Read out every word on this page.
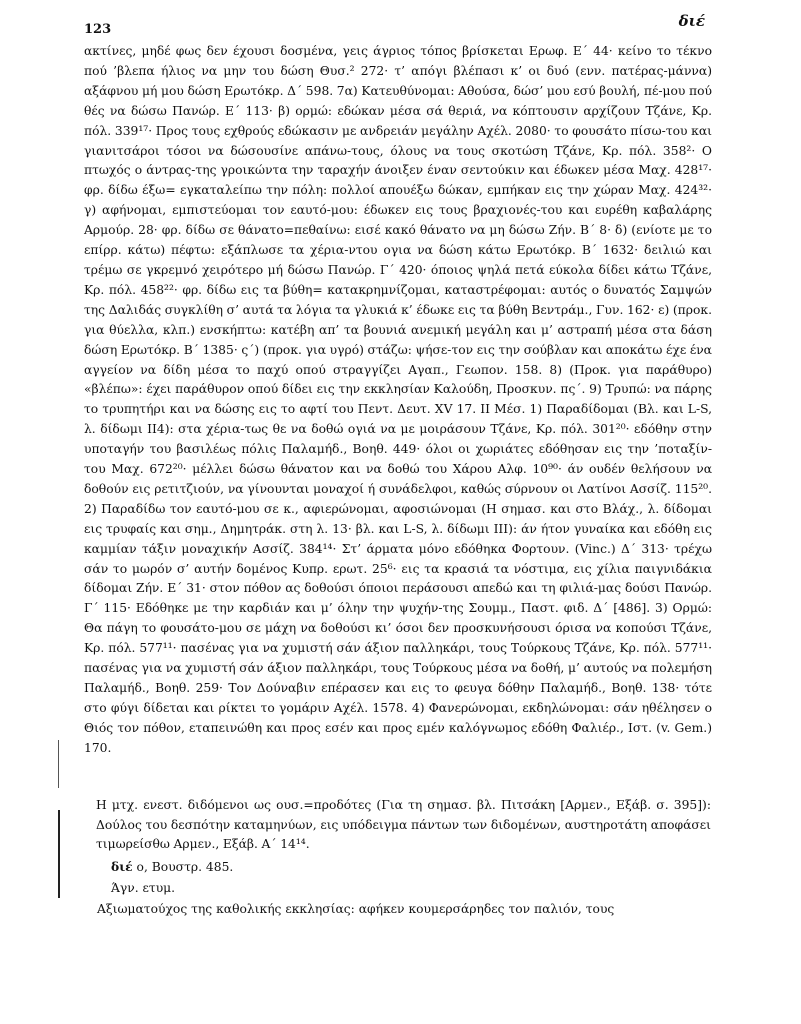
123	διέ

ακτίνες, μηδέ φως δεν έχουσι δοσμένα, γεις άγριος τόπος βρίσκεται Ερωφ. Ε΄ 44· κείνο το τέκνο πού ’βλεπα ήλιος να μην του δώση Θυσ.² 272· τ’ απόγι βλέπασι κ’ οι δυό (ενν. πατέρας-μάννα) αξάφνου μή μου δώση Ερωτόκρ. Δ΄ 598. 7α) Κατευθύνομαι: Αθούσα, δώσ’ μου εσύ βουλή, πέ-μου πού θές να δώσω Πανώρ. Ε΄ 113· β) ορμώ: εδώκαν μέσα σά θεριά, να κόπτουσιν αρχίζουν Τζάνε, Κρ. πόλ. 339¹⁷· Προς τους εχθρούς εδώκασιν με ανδρειάν μεγάλην Αχέλ. 2080· το φουσάτο πίσω-του και γιανιτσάροι τόσοι να δώσουσίνε απάνω-τους, όλους να τους σκοτώση Τζάνε, Κρ. πόλ. 358²· Ο πτωχός ο άντρας-της γροικώντα την ταραχήν άνοιξεν έναν σεντούκιν και έδωκεν μέσα Μαχ. 428¹⁷· φρ. δίδω έξω= εγκαταλείπω την πόλη: πολλοί απουέξω δώκαν, εμπήκαν εις την χώραν Μαχ. 424³²· γ) αφήνομαι, εμπιστεύομαι τον εαυτό-μου: έδωκεν εις τους βραχιονές-του και ευρέθη καβαλάρης Αρμούρ. 28· φρ. δίδω σε θάνατο=πεθαίνω: εισέ κακό θάνατο να μη δώσω Ζήν. Β΄ 8· δ) (ενίοτε με το επίρρ. κάτω) πέφτω: εξάπλωσε τα χέρια-ντου ογια να δώση κάτω Ερωτόκρ. Β΄ 1632· δειλιώ και τρέμω σε γκρεμνό χειρότερο μή δώσω Πανώρ. Γ΄ 420· όποιος ψηλά πετά εύκολα δίδει κάτω Τζάνε, Κρ. πόλ. 458²²· φρ. δίδω εις τα βύθη= κατακρημνίζομαι, καταστρέφομαι: αυτός ο δυνατός Σαμψών της Δαλιδάς συγκλίθη σ’ αυτά τα λόγια τα γλυκιά κ’ έδωκε εις τα βύθη Βεντράμ., Γυν. 162· ε) (προκ. για θύελλα, κλπ.) ενσκήπτω: κατέβη απ’ τα βουνιά ανεμική μεγάλη και μ’ αστραπή μέσα στα δάση δώση Ερωτόκρ. Β΄ 1385· ς΄) (προκ. για υγρό) στάζω: ψήσε-τον εις την σούβλαν και αποκάτω έχε ένα αγγείον να δίδη μέσα το παχύ οπού στραγγίζει Αγαπ., Γεωπον. 158. 8) (Προκ. για παράθυρο) «βλέπω»: έχει παράθυρον οπού δίδει εις την εκκλησίαν Καλούδη, Προσκυν. πς΄. 9) Τρυπώ: να πάρης το τρυπητήρι και να δώσης εις το αφτί του Πεντ. Δευτ. XV 17. II Μέσ. 1) Παραδίδομαι (Βλ. και L-S, λ. δίδωμι II4): στα χέρια-τως θε να δοθώ ογιά να με μοιράσουν Τζάνε, Κρ. πόλ. 301²⁰· εδόθην στην υποταγήν του βασιλέως πόλις Παλαμήδ., Βοηθ. 449· όλοι οι χωριάτες εδόθησαν εις την ’ποταξίν-του Μαχ. 672²⁰· μέλλει δώσω θάνατον και να δοθώ του Χάρου Αλφ. 10⁹⁰· άν ουδέν θελήσουν να δοθούν εις ρετιτζιούν, να γίνουνται μοναχοί ή συνάδελφοι, καθώς σύρνουν οι Λατίνοι Ασσίζ. 115²⁰. 2) Παραδίδω τον εαυτό-μου σε κ., αφιερώνομαι, αφοσιώνομαι (Η σημασ. και στο Βλάχ., λ. δίδομαι εις τρυφαίς και σημ., Δημητράκ. στη λ. 13· βλ. και L-S, λ. δίδωμι III): άν ήτον γυναίκα και εδόθη εις καμμίαν τάξιν μοναχικήν Ασσίζ. 384¹⁴· Στ’ άρματα μόνο εδόθηκα Φορτουν. (Vinc.) Δ΄ 313· τρέχω σάν το μωρόν σ’ αυτήν δομένος Κυπρ. ερωτ. 25⁶· εις τα κρασιά τα νόστιμα, εις χίλια παιγνιδάκια δίδομαι Ζήν. Ε΄ 31· στον πόθον ας δοθούσι όποιοι περάσουσι απεδώ και τη φιλιά-μας δούσι Πανώρ. Γ΄ 115· Εδόθηκε με την καρδιάν και μ’ όλην την ψυχήν-της Σουμμ., Παστ. φιδ. Δ΄ [486]. 3) Ορμώ: Θα πάγη το φουσάτο-μου σε μάχη να δοθούσι κι’ όσοι δεν προσκυνήσουσι όρισα να κοπούσι Τζάνε, Κρ. πόλ. 577¹¹· πασένας για να χυμιστή σάν άξιον παλληκάρι, τους Τούρκους Τζάνε, Κρ. πόλ. 577¹¹· πασένας για να χυμιστή σάν άξιον παλληκάρι, τους Τούρκους μέσα να δοθή, μ’ αυτούς να πολεμήση Παλαμήδ., Βοηθ. 259· Τον Δούναβιν επέρασεν και εις το φευγα δόθην Παλαμήδ., Βοηθ. 138· τότε στο φύγι δίδεται και ρίκτει το γομάριν Αχέλ. 1578. 4) Φανερώνομαι, εκδηλώνομαι: σάν ηθέλησεν ο Θιός τον πόθον, εταπεινώθη και προς εσέν και προς εμέν καλόγνωμος εδόθη Φαλιέρ., Ιστ. (v. Gem.) 170.

Η μτχ. ενεστ. διδόμενοι ως ουσ.=προδότες (Για τη σημασ. βλ. Πιτσάκη [Αρμεν., Εξάβ. σ. 395]): Δούλος του δεσπότην καταμηνύων, εις υπόδειγμα πάντων των διδομένων, αυστηροτάτη αποφάσει τιμωρείσθω Αρμεν., Εξάβ. Α΄ 14¹⁴.

διέ ο, Βουστρ. 485.

Άγν. ετυμ.

Αξιωματούχος της καθολικής εκκλησίας: αφήκεν κουμερσάρηδες τον παλιόν, τους
